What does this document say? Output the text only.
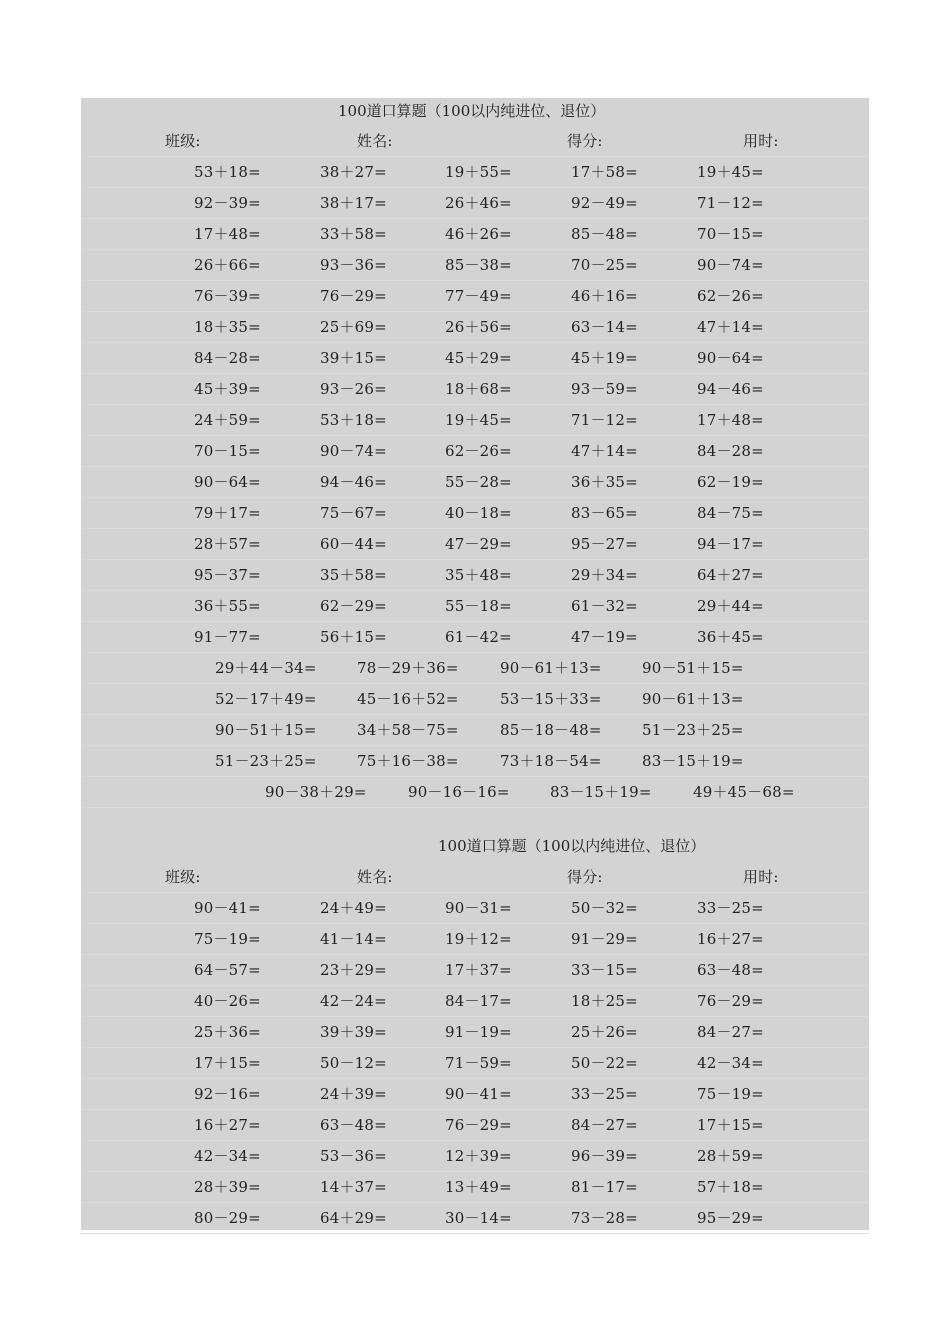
100道口算题（100以内纯进位、退位）
班级:	姓名:	得分:	用时:
53＋18=	38＋27=	19＋55=	17＋58=	19＋45=
92－39=	38＋17=	26＋46=	92－49=	71－12=
17＋48=	33＋58=	46＋26=	85－48=	70－15=
26＋66=	93－36=	85－38=	70－25=	90－74=
76－39=	76－29=	77－49=	46＋16=	62－26=
18＋35=	25＋69=	26＋56=	63－14=	47＋14=
84－28=	39＋15=	45＋29=	45＋19=	90－64=
45＋39=	93－26=	18＋68=	93－59=	94－46=
24＋59=	53＋18=	19＋45=	71－12=	17＋48=
70－15=	90－74=	62－26=	47＋14=	84－28=
90－64=	94－46=	55－28=	36＋35=	62－19=
79＋17=	75－67=	40－18=	83－65=	84－75=
28＋57=	60－44=	47－29=	95－27=	94－17=
95－37=	35＋58=	35＋48=	29＋34=	64＋27=
36＋55=	62－29=	55－18=	61－32=	29＋44=
91－77=	56＋15=	61－42=	47－19=	36＋45=
29＋44－34=	78－29＋36=	90－61＋13=	90－51＋15=
52－17＋49=	45－16＋52=	53－15＋33=	90－61＋13=
90－51＋15=	34＋58－75=	85－18－48=	51－23＋25=
51－23＋25=	75＋16－38=	73＋18－54=	83－15＋19=
90－38＋29=	90－16－16=	83－15＋19=	49＋45－68=
100道口算题（100以内纯进位、退位）
班级:	姓名:	得分:	用时:
90－41=	24＋49=	90－31=	50－32=	33－25=
75－19=	41－14=	19＋12=	91－29=	16＋27=
64－57=	23＋29=	17＋37=	33－15=	63－48=
40－26=	42－24=	84－17=	18＋25=	76－29=
25＋36=	39＋39=	91－19=	25＋26=	84－27=
17＋15=	50－12=	71－59=	50－22=	42－34=
92－16=	24＋39=	90－41=	33－25=	75－19=
16＋27=	63－48=	76－29=	84－27=	17＋15=
42－34=	53－36=	12＋39=	96－39=	28＋59=
28＋39=	14＋37=	13＋49=	81－17=	57＋18=
80－29=	64＋29=	30－14=	73－28=	95－29=
